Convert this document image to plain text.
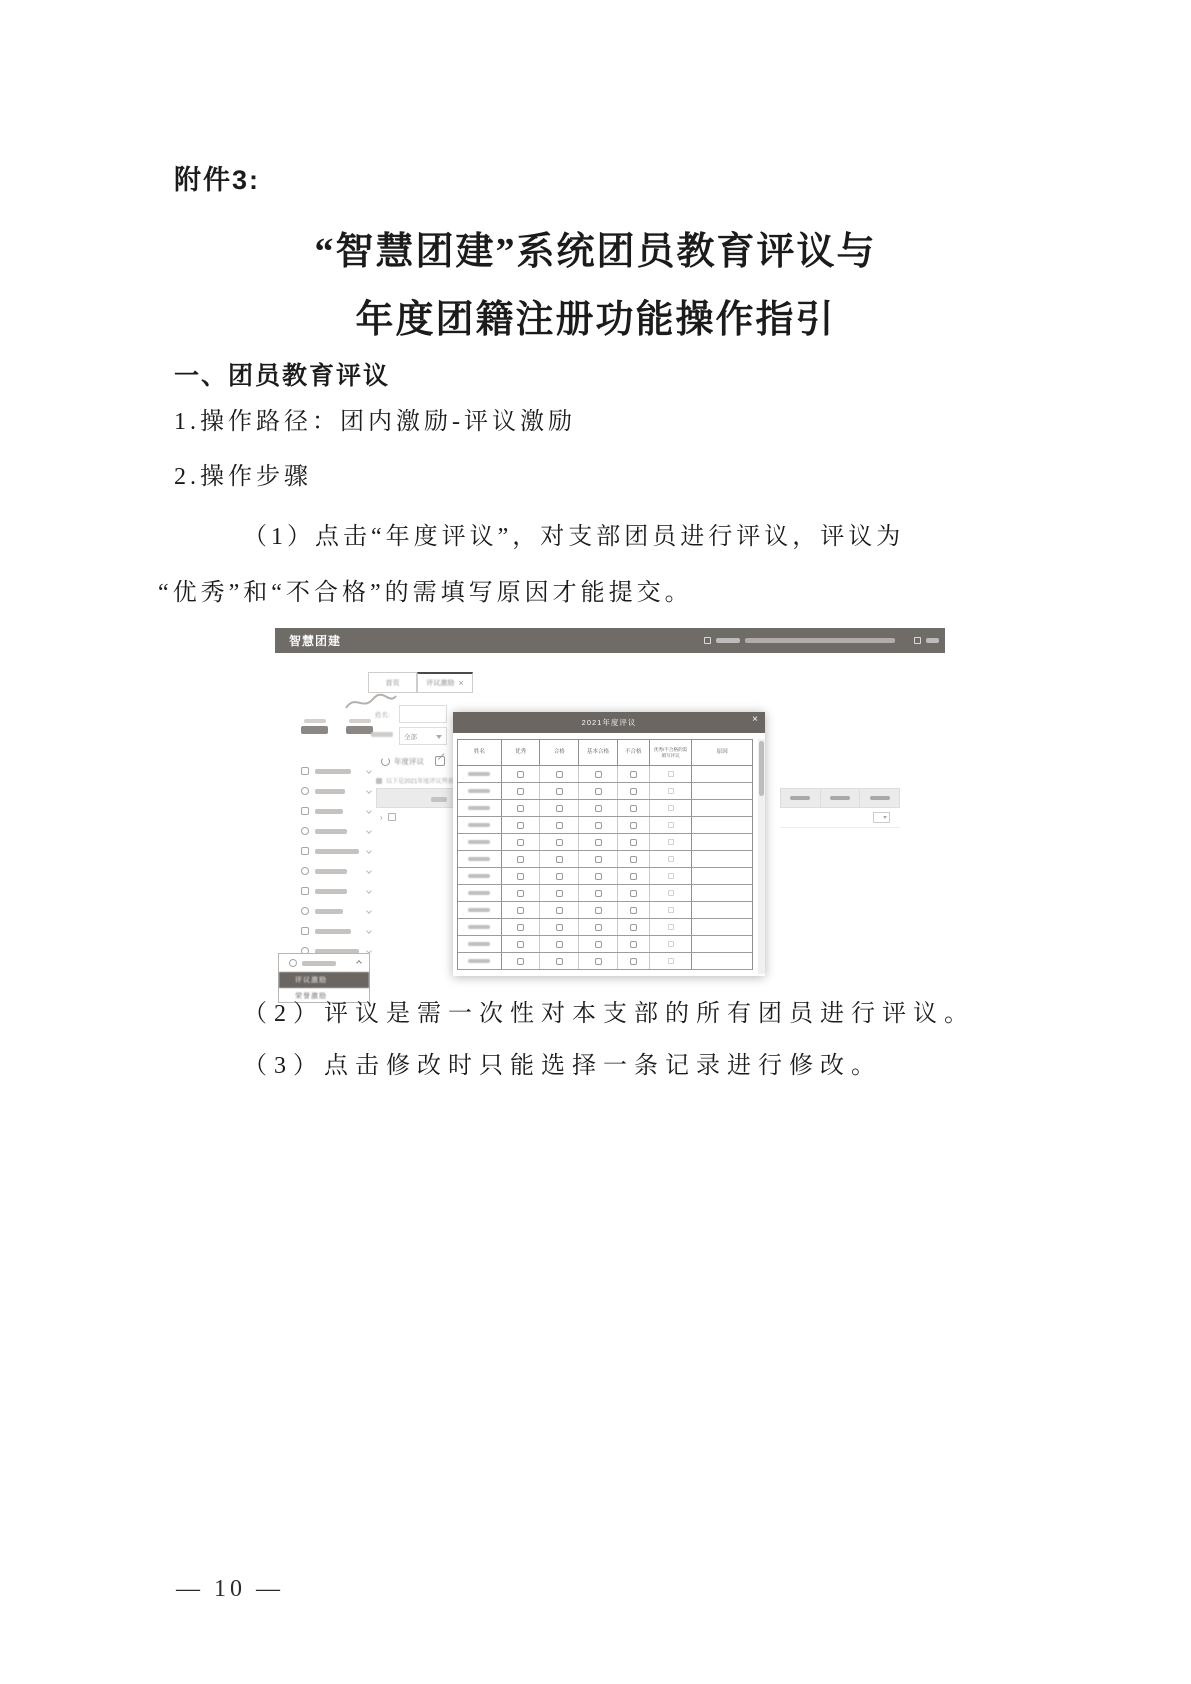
附件3:

“智慧团建”系统团员教育评议与

年度团籍注册功能操作指引

一、团员教育评议

1.操作路径：团内激励-评议激励

2.操作步骤

（1）点击“年度评议”，对支部团员进行评议，评议为

“优秀”和“不合格”的需填写原因才能提交。

智慧团建
评议激励
荣誉激励
首页	评议激励 ×
姓名:
全部
年度评议
以下是2021年度评议列表
›
2021年度评议	×
姓名	优秀	合格	基本合格	不合格	优秀/不合格的需填写评议	原因

（2）评议是需一次性对本支部的所有团员进行评议。

（3）点击修改时只能选择一条记录进行修改。

— 10 —
